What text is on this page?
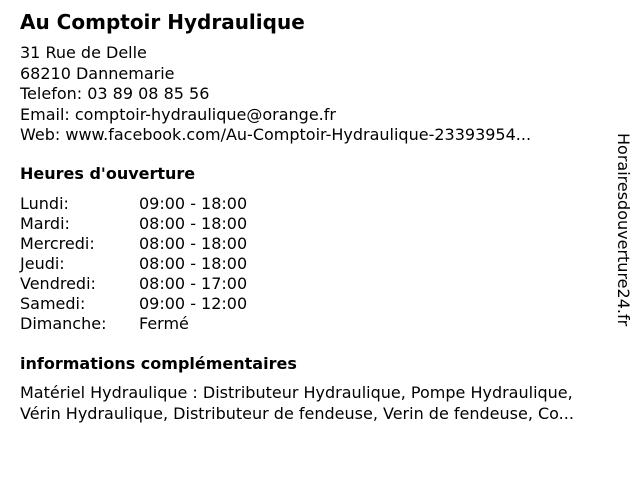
Au Comptoir Hydraulique
31 Rue de Delle
68210 Dannemarie
Telefon: 03 89 08 85 56
Email: comptoir-hydraulique@orange.fr
Web: www.facebook.com/Au-Comptoir-Hydraulique-23393954...
Heures d'ouverture
Lundi:	09:00 - 18:00
Mardi:	08:00 - 18:00
Mercredi:	08:00 - 18:00
Jeudi:	08:00 - 18:00
Vendredi:	08:00 - 17:00
Samedi:	09:00 - 12:00
Dimanche: Fermé
informations complémentaires
Matériel Hydraulique : Distributeur Hydraulique, Pompe Hydraulique,
Vérin Hydraulique, Distributeur de fendeuse, Verin de fendeuse, Co...
Horairesdouverture24.fr
